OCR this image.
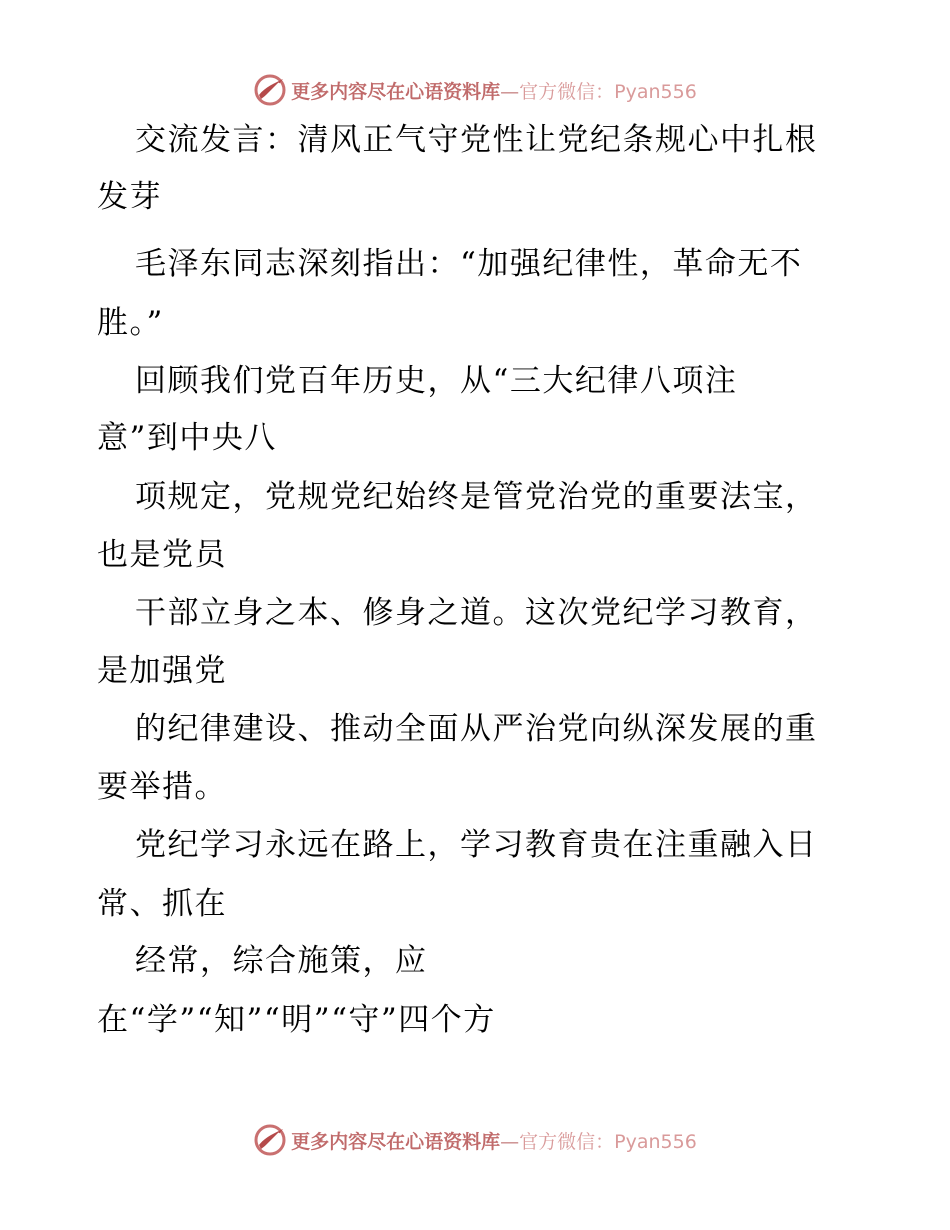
更多内容尽在心语资料库—官方微信：Pyan556
交流发言：清风正气守党性让党纪条规心中扎根
发芽
毛泽东同志深刻指出：“加强纪律性，革命无不
胜。”
回顾我们党百年历史，从“三大纪律八项注
意”到中央八
项规定，党规党纪始终是管党治党的重要法宝，
也是党员
干部立身之本、修身之道。这次党纪学习教育，
是加强党
的纪律建设、推动全面从严治党向纵深发展的重
要举措。
党纪学习永远在路上，学习教育贵在注重融入日
常、抓在
经常，综合施策，应
在“学”“知”“明”“守”四个方
更多内容尽在心语资料库—官方微信：Pyan556
